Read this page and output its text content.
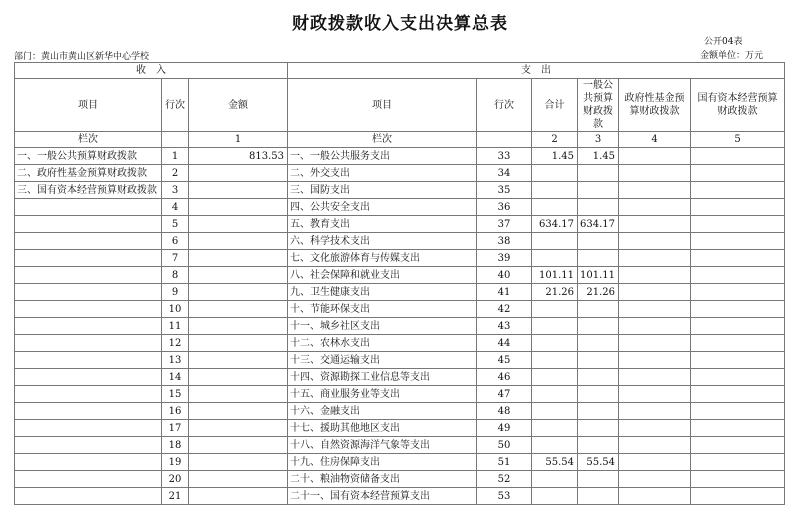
财政拨款收入支出决算总表
公开04表
金额单位：万元
部门：黄山市黄山区新华中心学校
收　入			支　出					
项目	行次	金额	项目	行次	合计	一般公共预算财政拨款	政府性基金预算财政拨款	国有资本经营预算财政拨款
栏次		1	栏次		2	3	4	5
一、一般公共预算财政拨款	1	813.53	一、一般公共服务支出	33	1.45	1.45		
二、政府性基金预算财政拨款	2		二、外交支出	34				
三、国有资本经营预算财政拨款	3		三、国防支出	35				
	4		四、公共安全支出	36				
	5		五、教育支出	37	634.17	634.17		
	6		六、科学技术支出	38				
	7		七、文化旅游体育与传媒支出	39				
	8		八、社会保障和就业支出	40	101.11	101.11		
	9		九、卫生健康支出	41	21.26	21.26		
	10		十、节能环保支出	42				
	11		十一、城乡社区支出	43				
	12		十二、农林水支出	44				
	13		十三、交通运输支出	45				
	14		十四、资源勘探工业信息等支出	46				
	15		十五、商业服务业等支出	47				
	16		十六、金融支出	48				
	17		十七、援助其他地区支出	49				
	18		十八、自然资源海洋气象等支出	50				
	19		十九、住房保障支出	51	55.54	55.54		
	20		二十、粮油物资储备支出	52				
	21		二十一、国有资本经营预算支出	53				
